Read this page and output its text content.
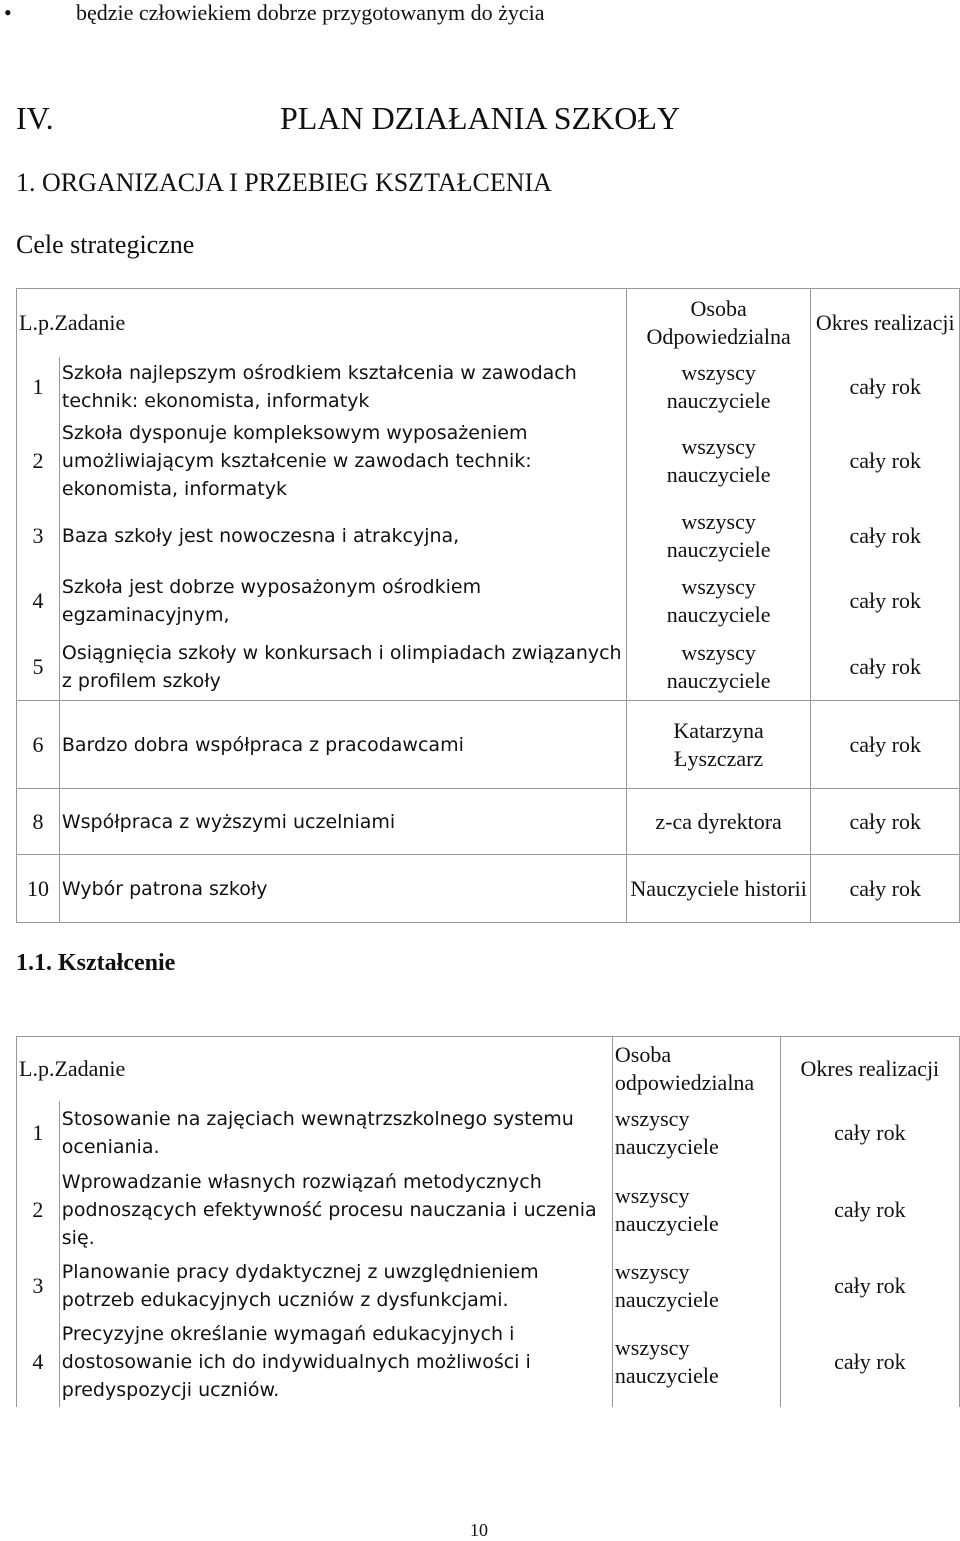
•	będzie człowiekiem dobrze przygotowanym do życia
IV.	PLAN DZIAŁANIA SZKOŁY
1. ORGANIZACJA I PRZEBIEG KSZTAŁCENIA
Cele strategiczne
L.p.Zadanie		Osoba Odpowiedzialna	Okres realizacji
1	Szkoła najlepszym ośrodkiem kształcenia w zawodach technik: ekonomista, informatyk	wszyscy nauczyciele	cały rok
2	Szkoła dysponuje kompleksowym wyposażeniem umożliwiającym kształcenie w zawodach technik: ekonomista, informatyk	wszyscy nauczyciele	cały rok
3	Baza szkoły jest nowoczesna i atrakcyjna,	wszyscy nauczyciele	cały rok
4	Szkoła jest dobrze wyposażonym ośrodkiem egzaminacyjnym,	wszyscy nauczyciele	cały rok
5	Osiągnięcia szkoły w konkursach i olimpiadach związanych z profilem szkoły	wszyscy nauczyciele	cały rok
6	Bardzo dobra współpraca z pracodawcami	Katarzyna Łyszczarz	cały rok
8	Współpraca z wyższymi uczelniami	z-ca dyrektora	cały rok
10	Wybór patrona szkoły	Nauczyciele historii	cały rok
1.1. Kształcenie
L.p.Zadanie		Osoba odpowiedzialna	Okres realizacji
1	Stosowanie na zajęciach wewnątrzszkolnego systemu oceniania.	wszyscy nauczyciele	cały rok
2	Wprowadzanie własnych rozwiązań metodycznych podnoszących efektywność procesu nauczania i uczenia się.	wszyscy nauczyciele	cały rok
3	Planowanie pracy dydaktycznej z uwzględnieniem potrzeb edukacyjnych uczniów z dysfunkcjami.	wszyscy nauczyciele	cały rok
4	Precyzyjne określanie wymagań edukacyjnych i dostosowanie ich do indywidualnych możliwości i predyspozycji uczniów.	wszyscy nauczyciele	cały rok
10
